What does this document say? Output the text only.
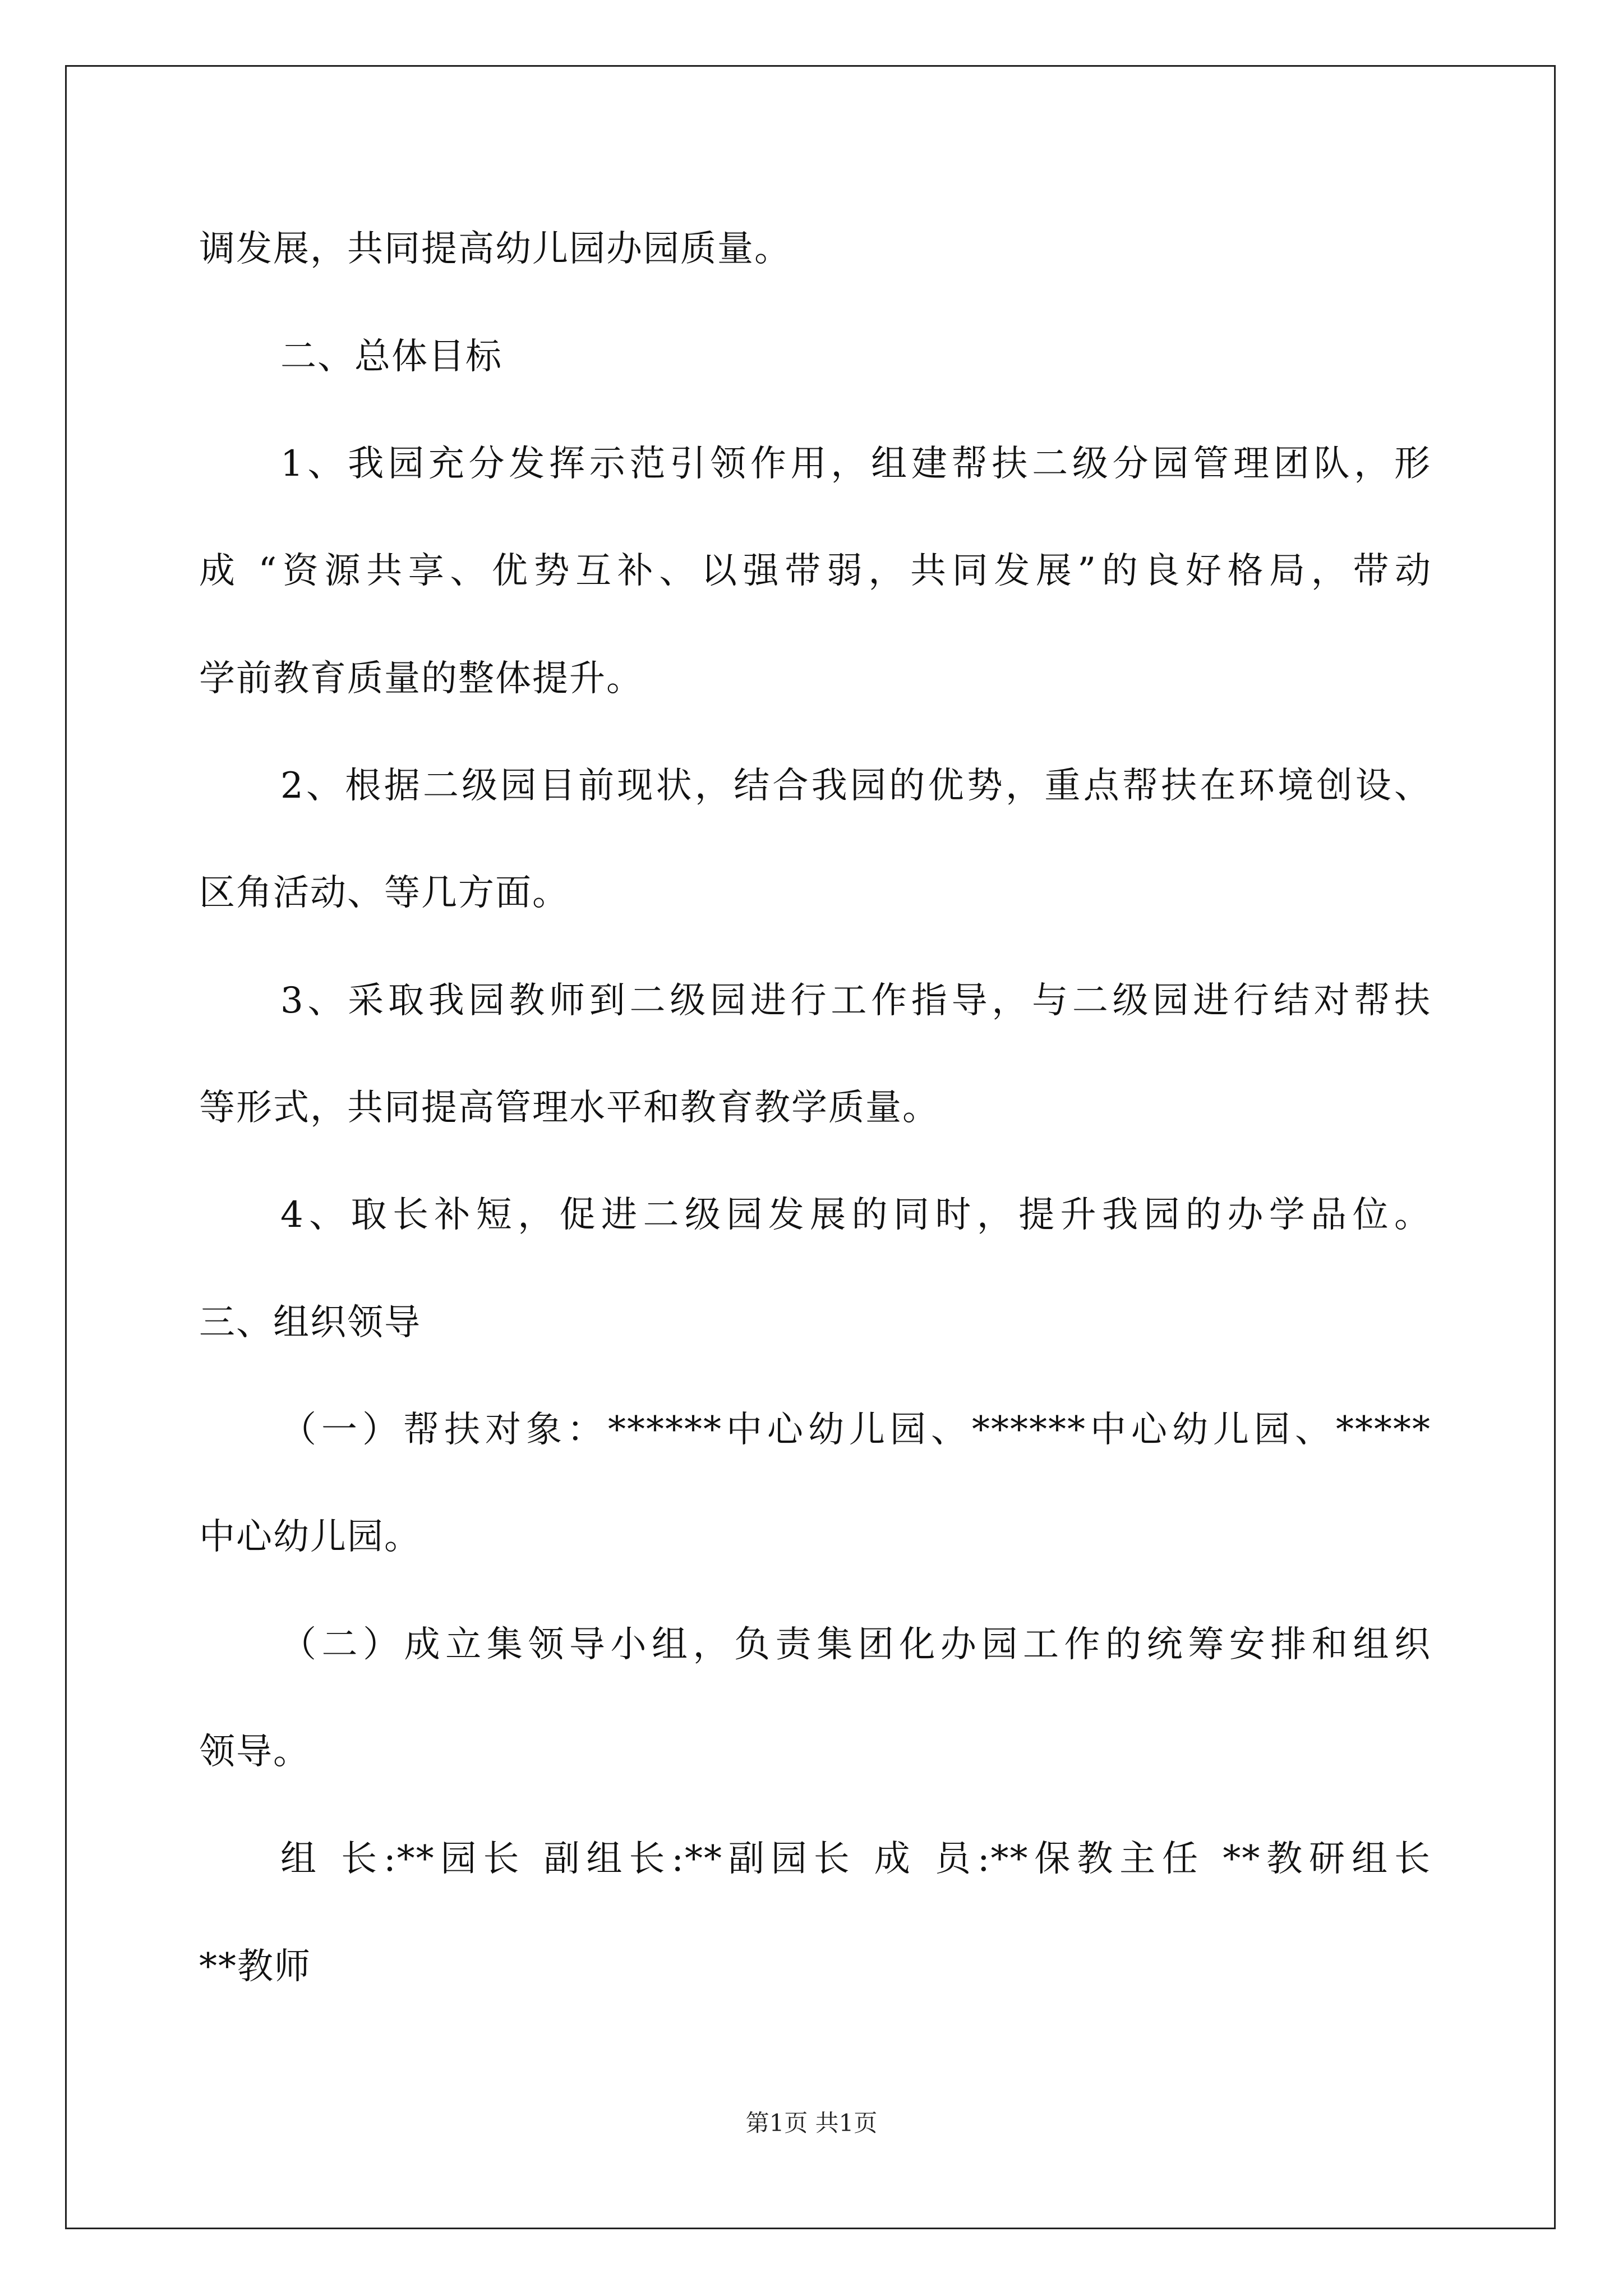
调发展，共同提高幼儿园办园质量。
二、总体目标
1、我园充分发挥示范引领作用，组建帮扶二级分园管理团队，形
成 “资源共享、优势互补、以强带弱，共同发展”的良好格局，带动
学前教育质量的整体提升。
2、根据二级园目前现状，结合我园的优势，重点帮扶在环境创设、
区角活动、等几方面。
3、采取我园教师到二级园进行工作指导，与二级园进行结对帮扶
等形式，共同提高管理水平和教育教学质量。
4、取长补短，促进二级园发展的同时，提升我园的办学品位。
三、组织领导
（一）帮扶对象：******中心幼儿园、******中心幼儿园、*****
中心幼儿园。
（二）成立集领导小组，负责集团化办园工作的统筹安排和组织
领导。
组 长:**园长 副组长:**副园长 成 员:**保教主任 **教研组长
**教师
第1页 共1页
